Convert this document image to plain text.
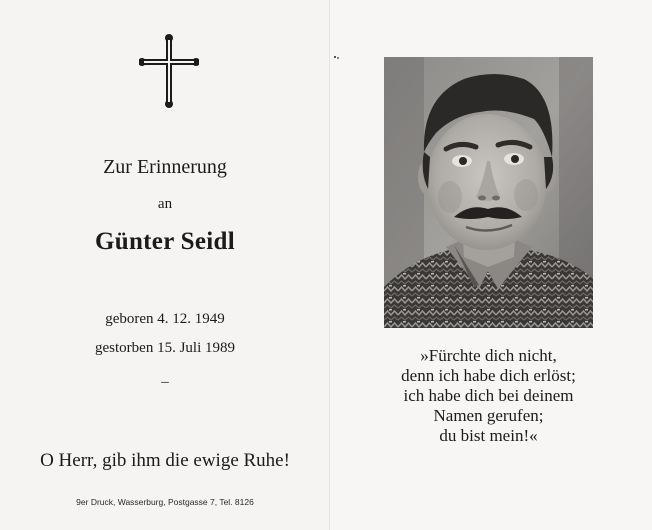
Zur Erinnerung
an
Günter Seidl
geboren 4. 12. 1949
gestorben 15. Juli 1989
–
O Herr, gib ihm die ewige Ruhe!
9er Druck, Wasserburg, Postgasse 7, Tel. 8126
»Fürchte dich nicht,
denn ich habe dich erlöst;
ich habe dich bei deinem
Namen gerufen;
du bist mein!«
